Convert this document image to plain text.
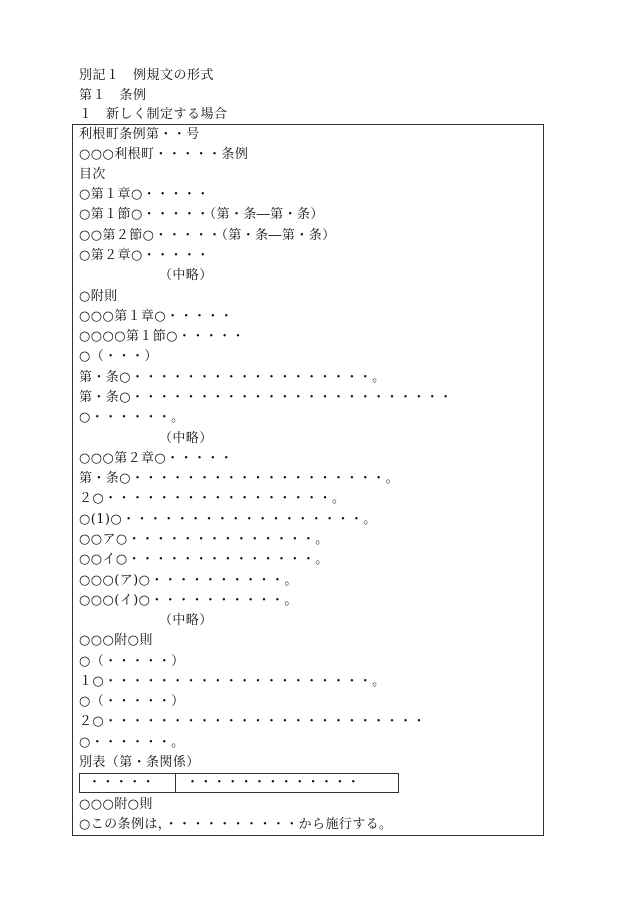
別記１　例規文の形式
第１　条例
１　新しく制定する場合
利根町条例第・・号
○○○利根町・・・・・条例
目次
○第１章○・・・・・
○第１節○・・・・・（第・条―第・条）
○○第２節○・・・・・（第・条―第・条）
○第２章○・・・・・
（中略）
○附則
○○○第１章○・・・・・
○○○○第１節○・・・・・
○（・・・）
第・条○・・・・・・・・・・・・・・・・・・。
第・条○・・・・・・・・・・・・・・・・・・・・・・・・
○・・・・・・。
（中略）
○○○第２章○・・・・・
第・条○・・・・・・・・・・・・・・・・・・・。
２○・・・・・・・・・・・・・・・・・。
○(1)○・・・・・・・・・・・・・・・・・・。
○○ア○・・・・・・・・・・・・・・。
○○イ○・・・・・・・・・・・・・・。
○○○(ア)○・・・・・・・・・・。
○○○(イ)○・・・・・・・・・・。
（中略）
○○○附○則
○（・・・・・）
１○・・・・・・・・・・・・・・・・・・・・。
○（・・・・・）
２○・・・・・・・・・・・・・・・・・・・・・・・・
○・・・・・・。
別表（第・条関係）
・・・・・	・・・・・・・・・・・・・
○○○附○則
○この条例は，・・・・・・・・・・から施行する。
